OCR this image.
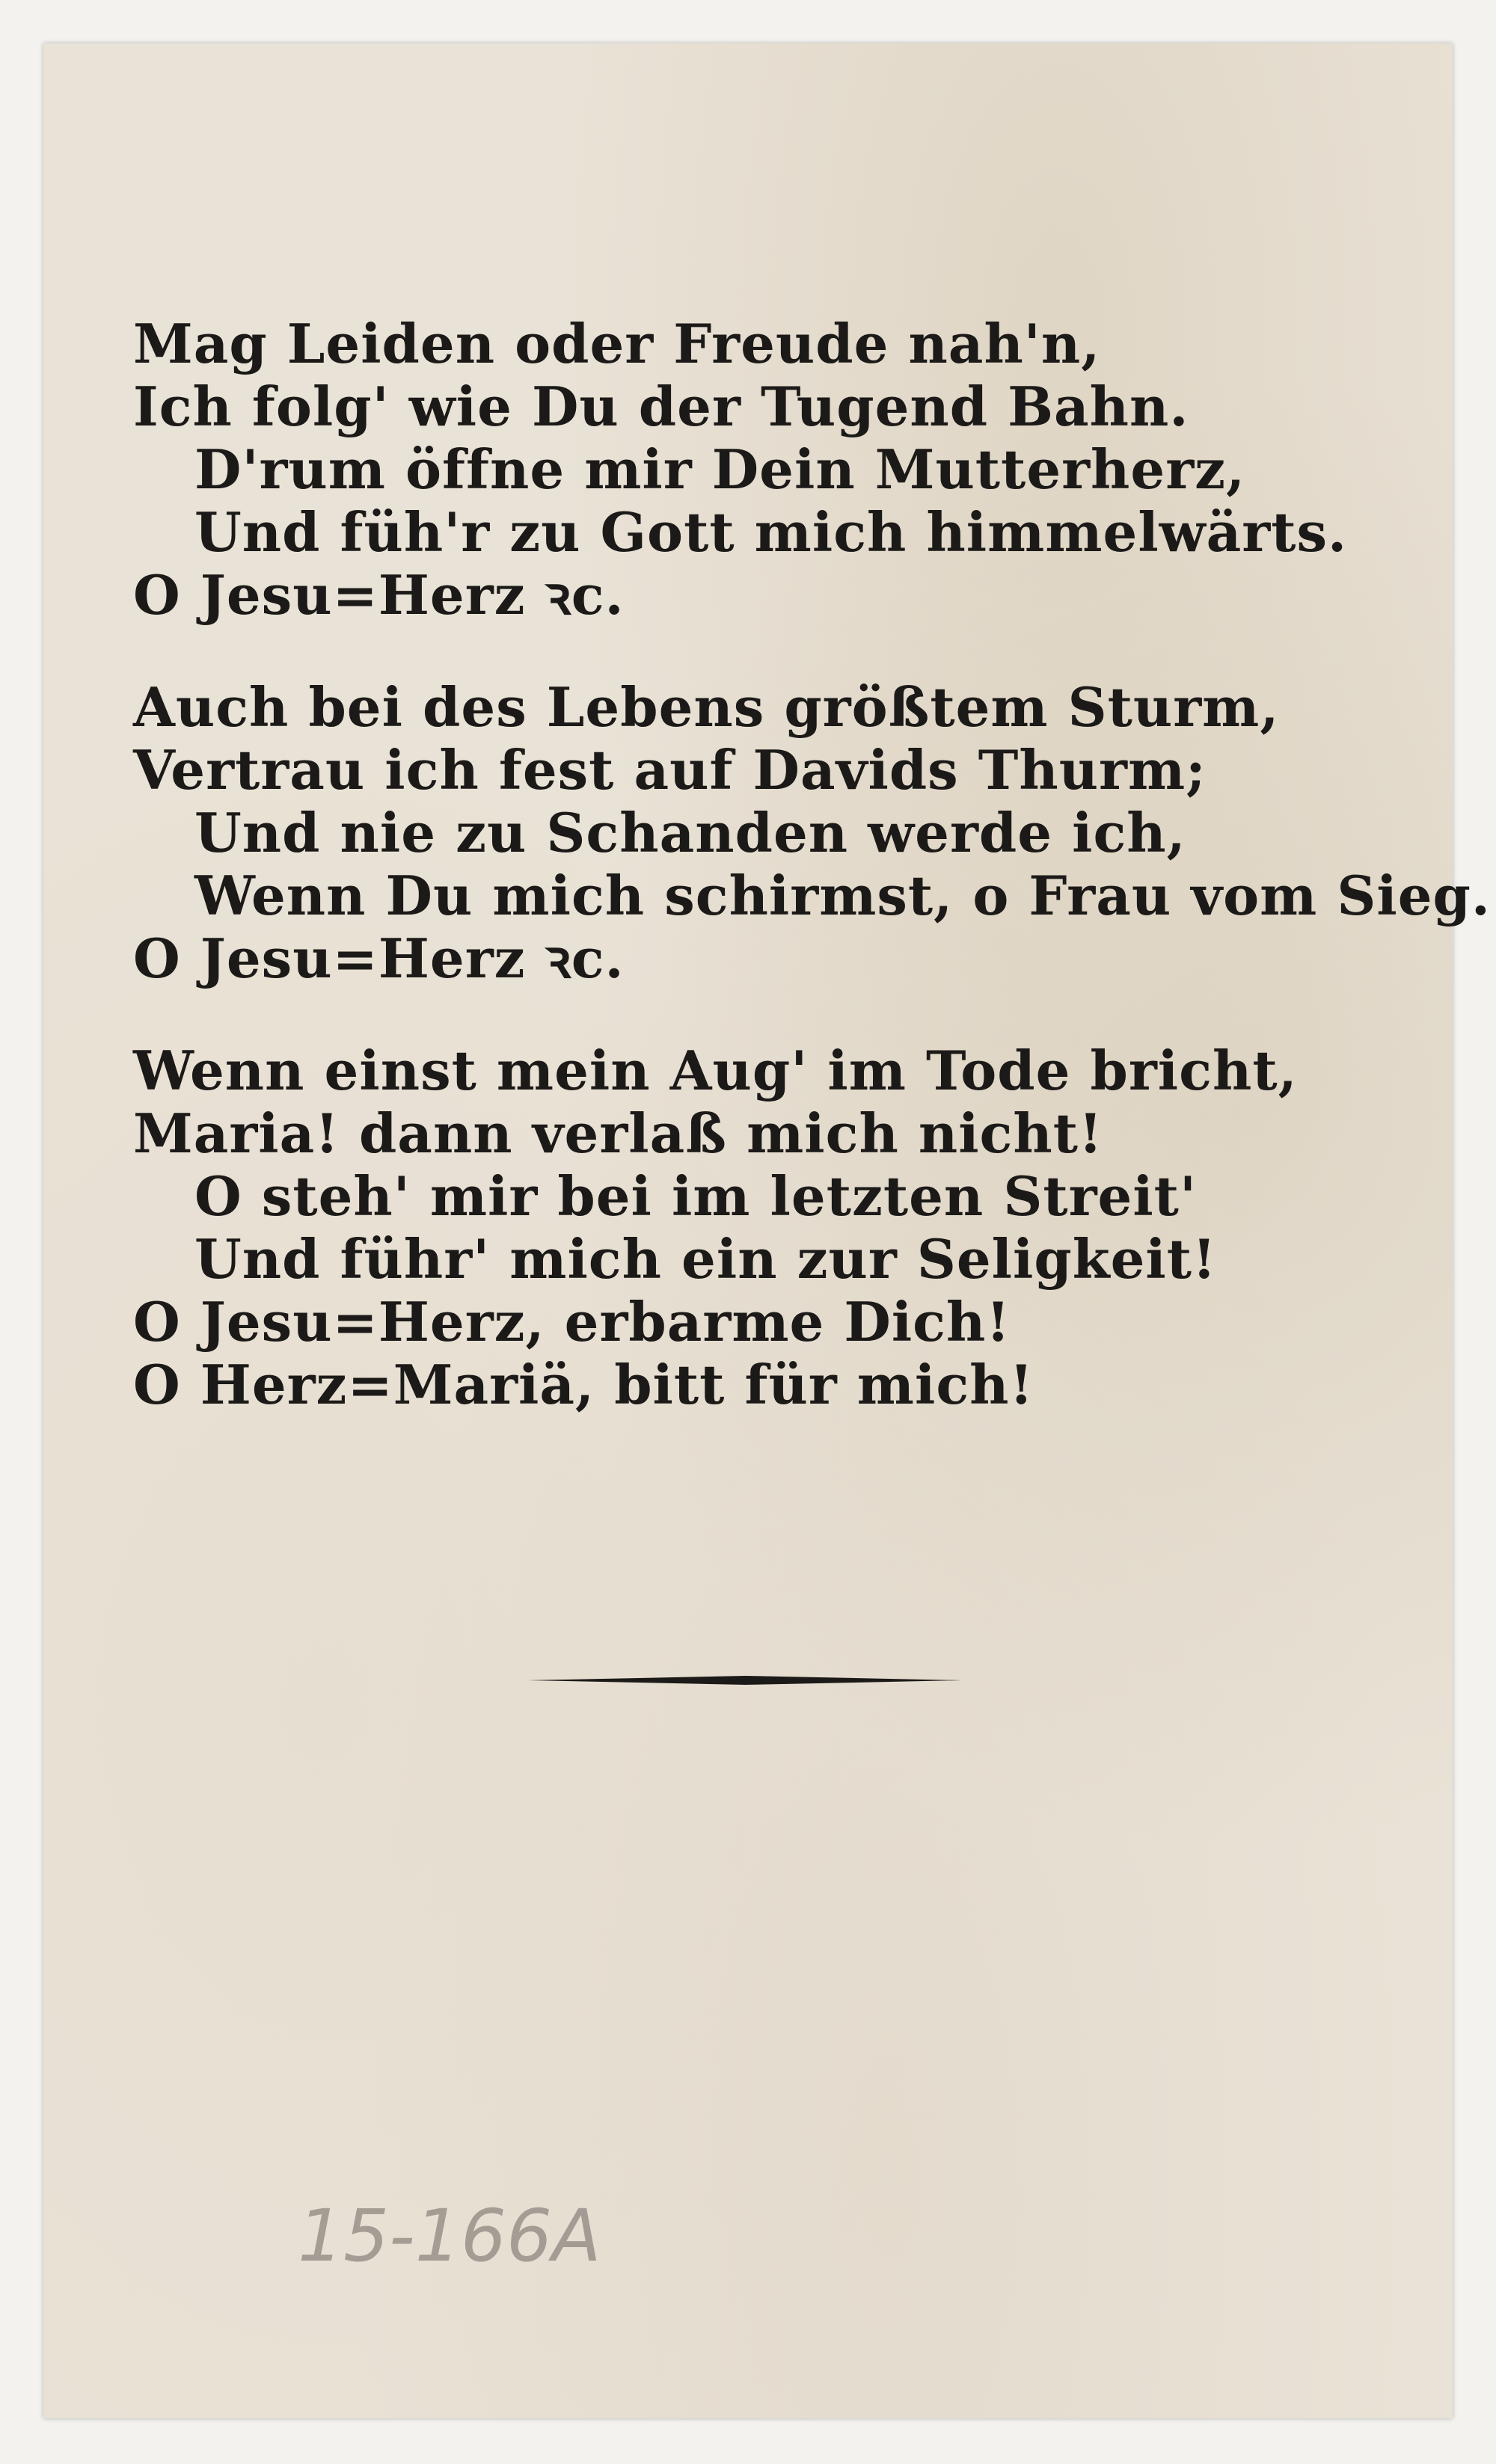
Mag Leiden oder Freude nah'n,
Ich folg' wie Du der Tugend Bahn.
D'rum öffne mir Dein Mutterherz,
Und füh'r zu Gott mich himmelwärts.
O Jesu=Herz ꝛc.
Auch bei des Lebens größtem Sturm,
Vertrau ich fest auf Davids Thurm;
Und nie zu Schanden werde ich,
Wenn Du mich schirmst, o Frau vom Sieg.
O Jesu=Herz ꝛc.
Wenn einst mein Aug' im Tode bricht,
Maria! dann verlaß mich nicht!
O steh' mir bei im letzten Streit'
Und führ' mich ein zur Seligkeit!
O Jesu=Herz, erbarme Dich!
O Herz=Mariä, bitt für mich!
15-166A
